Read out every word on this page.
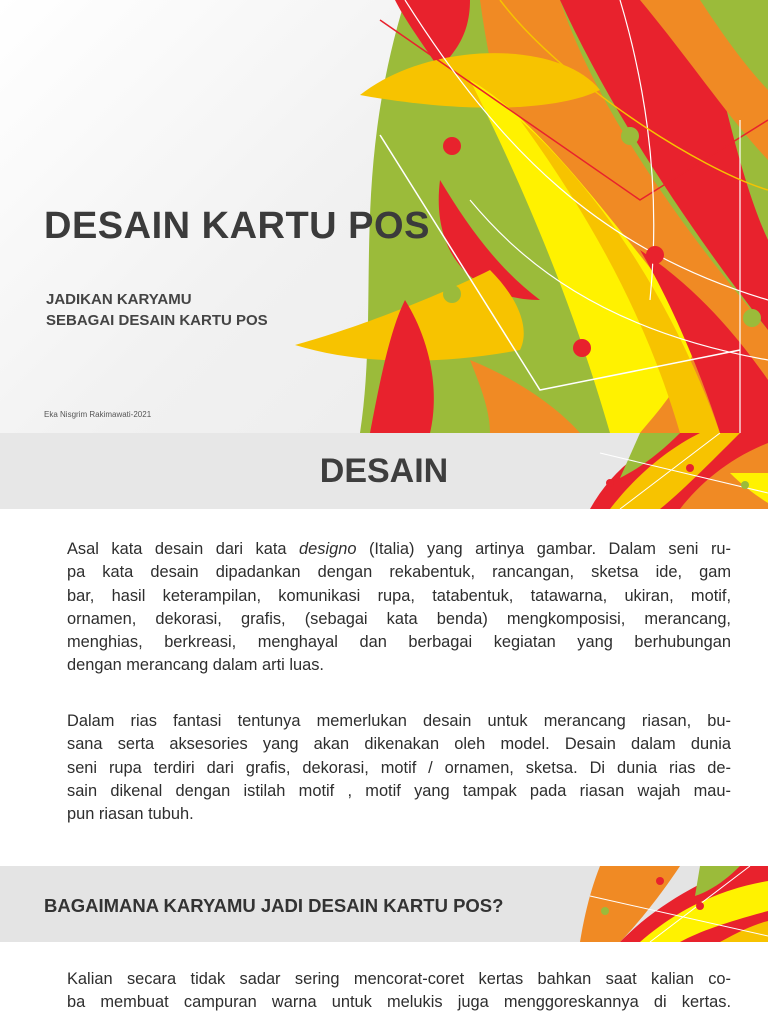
DESAIN KARTU POS

JADIKAN KARYAMU
SEBAGAI DESAIN KARTU POS

Eka Nisgrim Rakimawati-2021

DESAIN

Asal kata desain dari kata designo (Italia) yang artinya gambar. Dalam seni ru-
pa kata desain dipadankan dengan rekabentuk, rancangan, sketsa ide, gam
bar, hasil keterampilan, komunikasi rupa, tatabentuk, tatawarna, ukiran, motif,
ornamen, dekorasi, grafis, (sebagai kata benda) mengkomposisi, merancang,
menghias, berkreasi, menghayal dan berbagai kegiatan yang berhubungan
dengan merancang dalam arti luas.

Dalam rias fantasi tentunya memerlukan desain untuk merancang riasan, bu-
sana serta aksesories yang akan dikenakan oleh model. Desain dalam dunia
seni rupa terdiri dari grafis, dekorasi, motif / ornamen, sketsa. Di dunia rias de-
sain dikenal dengan istilah motif , motif yang tampak pada riasan wajah mau-
pun riasan tubuh.

BAGAIMANA KARYAMU JADI DESAIN KARTU POS?

Kalian secara tidak sadar sering mencorat-coret kertas bahkan saat kalian co-
ba membuat campuran warna untuk melukis juga menggoreskannya di kertas.
